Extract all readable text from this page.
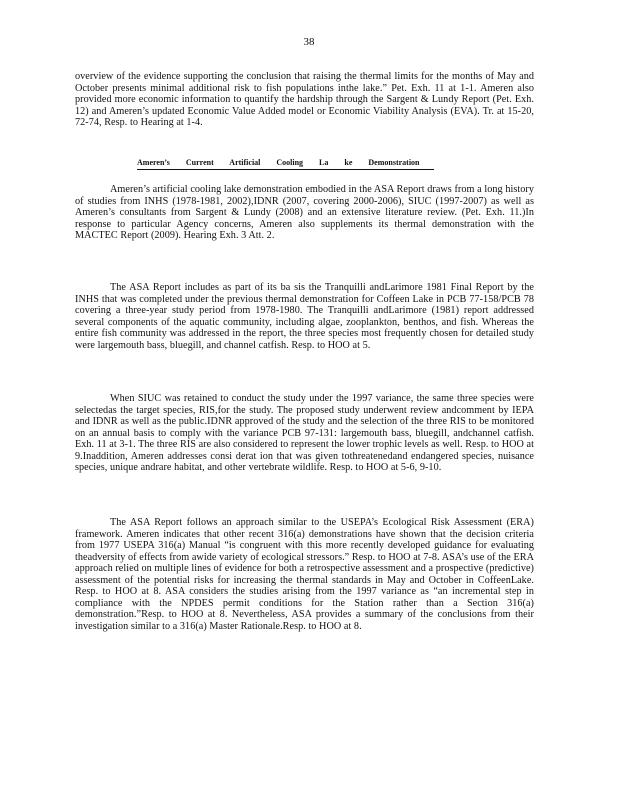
38

overview of the evidence supporting the conclusion that raising the thermal limits for the months of May and October presents minimal additional risk to fish populations inthe lake.” Pet. Exh. 11 at 1-1. Ameren also provided more economic information to quantify the hardship through the Sargent & Lundy Report (Pet. Exh. 12) and Ameren’s updated Economic Value Added model or Economic Viability Analysis (EVA). Tr. at 15-20, 72-74, Resp. to Hearing at 1-4.

Ameren’s Current Artificial Cooling La ke Demonstration

Ameren’s artificial cooling lake demonstration embodied in the ASA Report draws from a long history of studies from INHS (1978-1981, 2002),IDNR (2007, covering 2000-2006), SIUC (1997-2007) as well as Ameren’s consultants from Sargent & Lundy (2008) and an extensive literature review. (Pet. Exh. 11.)In response to particular Agency concerns, Ameren also supplements its thermal demonstration with the MACTEC Report (2009). Hearing Exh. 3 Att. 2.

The ASA Report includes as part of its ba sis the Tranquilli andLarimore 1981 Final Report by the INHS that was completed under the previous thermal demonstration for Coffeen Lake in PCB 77-158/PCB 78 covering a three-year study period from 1978-1980. The Tranquilli andLarimore (1981) report addressed several components of the aquatic community, including algae, zooplankton, benthos, and fish. Whereas the entire fish community was addressed in the report, the three species most frequently chosen for detailed study were largemouth bass, bluegill, and channel catfish. Resp. to HOO at 5.

When SIUC was retained to conduct the study under the 1997 variance, the same three species were selectedas the target species, RIS,for the study. The proposed study underwent review andcomment by IEPA and IDNR as well as the public.IDNR approved of the study and the selection of the three RIS to be monitored on an annual basis to comply with the variance PCB 97-131: largemouth bass, bluegill, andchannel catfish. Exh. 11 at 3-1. The three RIS are also considered to represent the lower trophic levels as well. Resp. to HOO at 9.Inaddition, Ameren addresses consi derat ion that was given tothreatenedand endangered species, nuisance species, unique andrare habitat, and other vertebrate wildlife. Resp. to HOO at 5-6, 9-10.

The ASA Report follows an approach similar to the USEPA’s Ecological Risk Assessment (ERA) framework. Ameren indicates that other recent 316(a) demonstrations have shown that the decision criteria from 1977 USEPA 316(a) Manual “is congruent with this more recently developed guidance for evaluating theadversity of effects from awide variety of ecological stressors.” Resp. to HOO at 7-8. ASA’s use of the ERA approach relied on multiple lines of evidence for both a retrospective assessment and a prospective (predictive) assessment of the potential risks for increasing the thermal standards in May and October in CoffeenLake. Resp. to HOO at 8. ASA considers the studies arising from the 1997 variance as “an incremental step in compliance with the NPDES permit conditions for the Station rather than a Section 316(a) demonstration.”Resp. to HOO at 8. Nevertheless, ASA provides a summary of the conclusions from their investigation similar to a 316(a) Master Rationale.Resp. to HOO at 8.
